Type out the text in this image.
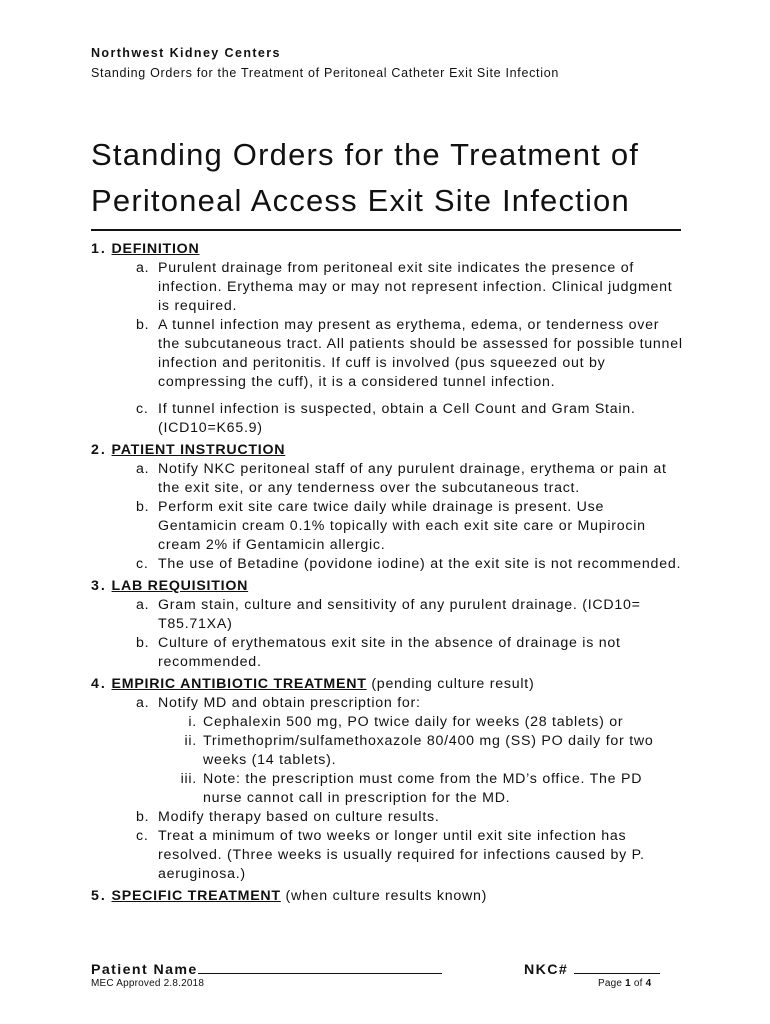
Northwest Kidney Centers
Standing Orders for the Treatment of Peritoneal Catheter Exit Site Infection
Standing Orders for the Treatment of
Peritoneal Access Exit Site Infection
1. DEFINITION
a. Purulent drainage from peritoneal exit site indicates the presence of infection. Erythema may or may not represent infection. Clinical judgment is required.
b. A tunnel infection may present as erythema, edema, or tenderness over the subcutaneous tract. All patients should be assessed for possible tunnel infection and peritonitis. If cuff is involved (pus squeezed out by compressing the cuff), it is a considered tunnel infection.
c. If tunnel infection is suspected, obtain a Cell Count and Gram Stain. (ICD10=K65.9)
2. PATIENT INSTRUCTION
a. Notify NKC peritoneal staff of any purulent drainage, erythema or pain at the exit site, or any tenderness over the subcutaneous tract.
b. Perform exit site care twice daily while drainage is present. Use Gentamicin cream 0.1% topically with each exit site care or Mupirocin cream 2% if Gentamicin allergic.
c. The use of Betadine (povidone iodine) at the exit site is not recommended.
3. LAB REQUISITION
a. Gram stain, culture and sensitivity of any purulent drainage. (ICD10= T85.71XA)
b. Culture of erythematous exit site in the absence of drainage is not recommended.
4. EMPIRIC ANTIBIOTIC TREATMENT (pending culture result)
a. Notify MD and obtain prescription for:
i. Cephalexin 500 mg, PO twice daily for weeks (28 tablets) or
ii. Trimethoprim/sulfamethoxazole 80/400 mg (SS) PO daily for two weeks (14 tablets).
iii. Note: the prescription must come from the MD’s office. The PD nurse cannot call in prescription for the MD.
b. Modify therapy based on culture results.
c. Treat a minimum of two weeks or longer until exit site infection has resolved. (Three weeks is usually required for infections caused by P. aeruginosa.)
5. SPECIFIC TREATMENT (when culture results known)
Patient Name	NKC#
MEC Approved 2.8.2018	Page 1 of 4
